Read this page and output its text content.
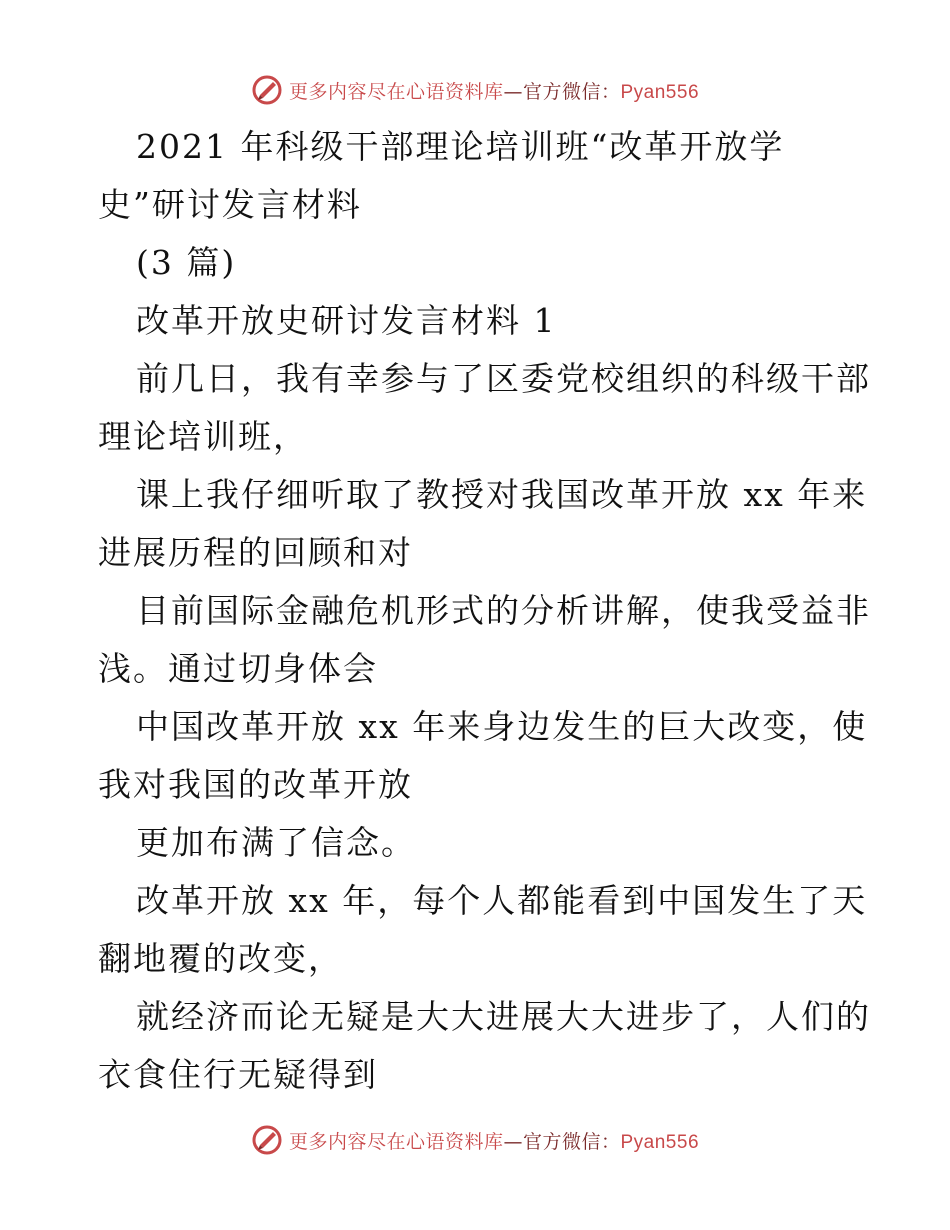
更多内容尽在心语资料库—官方微信：Pyan556
2021 年科级干部理论培训班“改革开放学
史”研讨发言材料
(3 篇)
改革开放史研讨发言材料 1
前几日，我有幸参与了区委党校组织的科级干部
理论培训班，
课上我仔细听取了教授对我国改革开放 xx 年来
进展历程的回顾和对
目前国际金融危机形式的分析讲解，使我受益非
浅。通过切身体会
中国改革开放 xx 年来身边发生的巨大改变，使
我对我国的改革开放
更加布满了信念。
改革开放 xx 年，每个人都能看到中国发生了天
翻地覆的改变，
就经济而论无疑是大大进展大大进步了，人们的
衣食住行无疑得到
更多内容尽在心语资料库—官方微信：Pyan556
